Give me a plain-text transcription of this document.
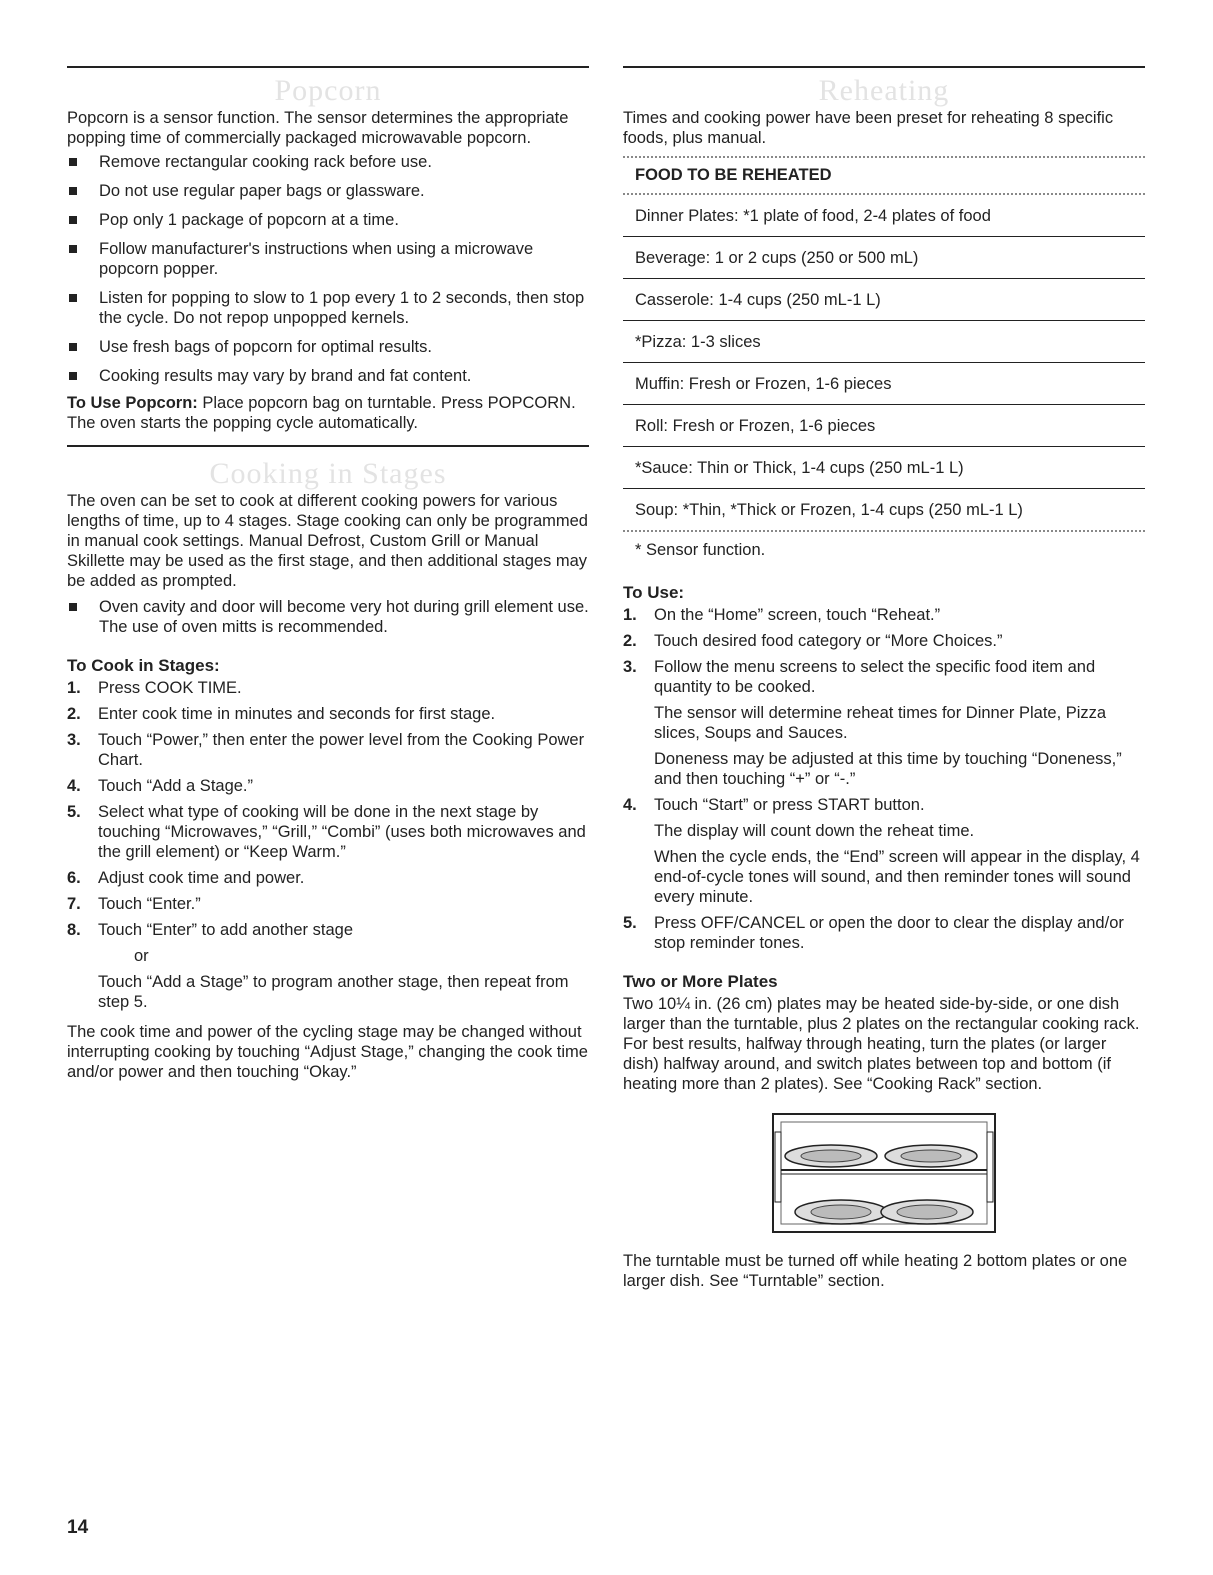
Popcorn

Popcorn is a sensor function. The sensor determines the appropriate popping time of commercially packaged microwavable popcorn.

Remove rectangular cooking rack before use.
Do not use regular paper bags or glassware.
Pop only 1 package of popcorn at a time.
Follow manufacturer's instructions when using a microwave popcorn popper.
Listen for popping to slow to 1 pop every 1 to 2 seconds, then stop the cycle. Do not repop unpopped kernels.
Use fresh bags of popcorn for optimal results.
Cooking results may vary by brand and fat content.

To Use Popcorn: Place popcorn bag on turntable. Press POPCORN. The oven starts the popping cycle automatically.

Cooking in Stages

The oven can be set to cook at different cooking powers for various lengths of time, up to 4 stages. Stage cooking can only be programmed in manual cook settings. Manual Defrost, Custom Grill or Manual Skillette may be used as the first stage, and then additional stages may be added as prompted.

Oven cavity and door will become very hot during grill element use. The use of oven mitts is recommended.
To Cook in Stages:
1. Press COOK TIME.
2. Enter cook time in minutes and seconds for first stage.
3. Touch “Power,” then enter the power level from the Cooking Power Chart.
4. Touch “Add a Stage.”
5. Select what type of cooking will be done in the next stage by touching “Microwaves,” “Grill,” “Combi” (uses both microwaves and the grill element) or “Keep Warm.”
6. Adjust cook time and power.
7. Touch “Enter.”
8. Touch “Enter” to add another stage
or
Touch “Add a Stage” to program another stage, then repeat from step 5.

The cook time and power of the cycling stage may be changed without interrupting cooking by touching “Adjust Stage,” changing the cook time and/or power and then touching “Okay.”

Reheating

Times and cooking power have been preset for reheating 8 specific foods, plus manual.

FOOD TO BE REHEATED
Dinner Plates: *1 plate of food, 2-4 plates of food
Beverage: 1 or 2 cups (250 or 500 mL)
Casserole: 1-4 cups (250 mL-1 L)
*Pizza: 1-3 slices
Muffin: Fresh or Frozen, 1-6 pieces
Roll: Fresh or Frozen, 1-6 pieces
*Sauce: Thin or Thick, 1-4 cups (250 mL-1 L)
Soup: *Thin, *Thick or Frozen, 1-4 cups (250 mL-1 L)
* Sensor function.
To Use:
1. On the “Home” screen, touch “Reheat.”
2. Touch desired food category or “More Choices.”
3. Follow the menu screens to select the specific food item and quantity to be cooked.
The sensor will determine reheat times for Dinner Plate, Pizza slices, Soups and Sauces.
Doneness may be adjusted at this time by touching “Doneness,” and then touching “+” or “-.”
4. Touch “Start” or press START button.
The display will count down the reheat time.
When the cycle ends, the “End” screen will appear in the display, 4 end-of-cycle tones will sound, and then reminder tones will sound every minute.
5. Press OFF/CANCEL or open the door to clear the display and/or stop reminder tones.
Two or More Plates

Two 10¼ in. (26 cm) plates may be heated side-by-side, or one dish larger than the turntable, plus 2 plates on the rectangular cooking rack. For best results, halfway through heating, turn the plates (or larger dish) halfway around, and switch plates between top and bottom (if heating more than 2 plates). See “Cooking Rack” section.

The turntable must be turned off while heating 2 bottom plates or one larger dish. See “Turntable” section.

14
